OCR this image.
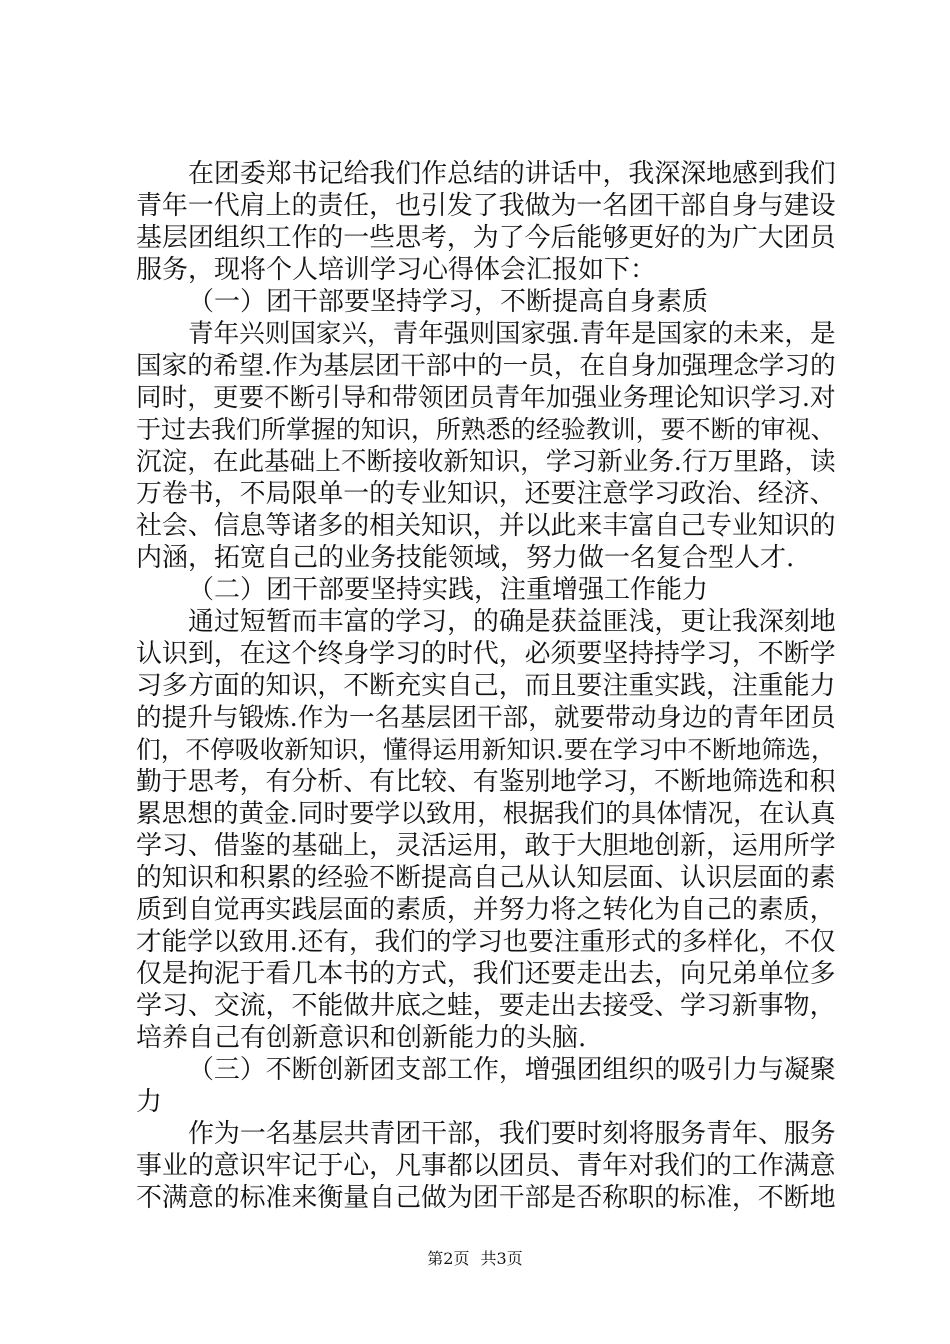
在团委郑书记给我们作总结的讲话中，我深深地感到我们
青年一代肩上的责任，也引发了我做为一名团干部自身与建设
基层团组织工作的一些思考，为了今后能够更好的为广大团员
服务，现将个人培训学习心得体会汇报如下：
（一）团干部要坚持学习，不断提高自身素质
青年兴则国家兴，青年强则国家强.青年是国家的未来，是
国家的希望.作为基层团干部中的一员，在自身加强理念学习的
同时，更要不断引导和带领团员青年加强业务理论知识学习.对
于过去我们所掌握的知识，所熟悉的经验教训，要不断的审视、
沉淀，在此基础上不断接收新知识，学习新业务.行万里路，读
万卷书，不局限单一的专业知识，还要注意学习政治、经济、
社会、信息等诸多的相关知识，并以此来丰富自己专业知识的
内涵，拓宽自己的业务技能领域，努力做一名复合型人才.
（二）团干部要坚持实践，注重增强工作能力
通过短暂而丰富的学习，的确是获益匪浅，更让我深刻地
认识到，在这个终身学习的时代，必须要坚持持学习，不断学
习多方面的知识，不断充实自己，而且要注重实践，注重能力
的提升与锻炼.作为一名基层团干部，就要带动身边的青年团员
们，不停吸收新知识，懂得运用新知识.要在学习中不断地筛选，
勤于思考，有分析、有比较、有鉴别地学习，不断地筛选和积
累思想的黄金.同时要学以致用，根据我们的具体情况，在认真
学习、借鉴的基础上，灵活运用，敢于大胆地创新，运用所学
的知识和积累的经验不断提高自己从认知层面、认识层面的素
质到自觉再实践层面的素质，并努力将之转化为自己的素质，
才能学以致用.还有，我们的学习也要注重形式的多样化，不仅
仅是拘泥于看几本书的方式，我们还要走出去，向兄弟单位多
学习、交流，不能做井底之蛙，要走出去接受、学习新事物，
培养自己有创新意识和创新能力的头脑.
（三）不断创新团支部工作，增强团组织的吸引力与凝聚
力
作为一名基层共青团干部，我们要时刻将服务青年、服务
事业的意识牢记于心，凡事都以团员、青年对我们的工作满意
不满意的标准来衡量自己做为团干部是否称职的标准，不断地
第2页 共3页
